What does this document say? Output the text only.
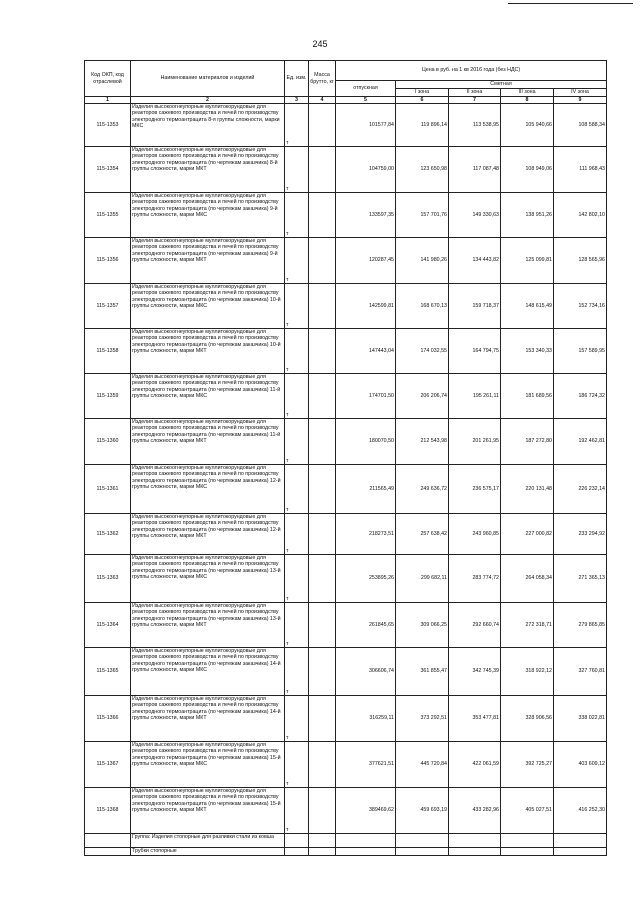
245
Код ОКП, код отраслевой	Наименование материалов и изделий	Ед. изм.	Масса брутто, кг	Цена в руб. на 1 кв 2016 года (без НДС)				
				отпускная	Сметная			
					I зона	II зона	III зона	IV зона
1	2	3	4	5	6	7	8	9
115-1353	Изделия высокоогнеупорные муллитокорундовые для реакторов сажевого производства и печей по производству электродного термоантрацита 8-я группы сложности, марки МКС	т		101577,84	119 896,14	113 538,95	105 940,66	108 588,34
115-1354	Изделия высокоогнеупорные муллитокорундовые для реакторов сажевого производства и печей по производству электродного термоантрацита (по чертежам заказчика) 8-й группы сложности, марки МКТ	т		104759,00	123 650,98	117 087,48	108 949,06	111 968,43
115-1355	Изделия высокоогнеупорные муллитокорундовые для реакторов сажевого производства и печей по производству электродного термоантрацита (по чертежам заказчика) 9-й группы сложности, марки МКС	т		133597,35	157 701,76	149 330,63	138 951,26	142 802,10
115-1356	Изделия высокоогнеупорные муллитокорундовые для реакторов сажевого производства и печей по производству электродного термоантрацита (по чертежам заказчика) 9-й группы сложности, марки МКТ	т		120287,45	141 980,26	134 443,82	125 099,81	128 565,96
115-1357	Изделия высокоогнеупорные муллитокорундовые для реакторов сажевого производства и печей по производству электродного термоантрацита (по чертежам заказчика) 10-й группы сложности, марки МКС	т		142599,81	168 670,13	159 718,37	148 615,49	152 734,16
115-1358	Изделия высокоогнеупорные муллитокорундовые для реакторов сажевого производства и печей по производству электродного термоантрацита (по чертежам заказчика) 10-й группы сложности, марки МКТ	т		147443,04	174 032,55	164 794,75	153 340,33	157 589,95
115-1359	Изделия высокоогнеупорные муллитокорундовые для реакторов сажевого производства и печей по производству электродного термоантрацита (по чертежам заказчика) 11-й группы сложности, марки МКС	т		174701,50	206 206,74	195 261,11	181 689,56	186 724,32
115-1360	Изделия высокоогнеупорные муллитокорундовые для реакторов сажевого производства и печей по производству электродного термоантрацита (по чертежам заказчика) 11-й группы сложности, марки МКТ	т		180070,50	212 543,98	201 261,95	187 272,80	192 462,81
115-1361	Изделия высокоогнеупорные муллитокорундовые для реакторов сажевого производства и печей по производству электродного термоантрацита (по чертежам заказчика) 12-й группы сложности, марки МКС	т		211565,49	249 636,72	236 575,17	220 131,48	226 232,14
115-1362	Изделия высокоогнеупорные муллитокорундовые для реакторов сажевого производства и печей по производству электродного термоантрацита (по чертежам заказчика) 12-й группы сложности, марки МКТ	т		218273,51	257 638,42	243 960,85	227 000,82	233 294,92
115-1363	Изделия высокоогнеупорные муллитокорундовые для реакторов сажевого производства и печей по производству электродного термоантрацита (по чертежам заказчика) 13-й группы сложности, марки МКС	т		253895,26	299 682,11	283 774,72	264 058,34	271 365,13
115-1364	Изделия высокоогнеупорные муллитокорундовые для реакторов сажевого производства и печей по производству электродного термоантрацита (по чертежам заказчика) 13-й группы сложности, марки МКТ	т		261845,65	309 066,25	292 660,74	272 318,71	279 865,85
115-1365	Изделия высокоогнеупорные муллитокорундовые для реакторов сажевого производства и печей по производству электродного термоантрацита (по чертежам заказчика) 14-й группы сложности, марки МКС	т		306606,74	361 855,47	342 745,39	318 922,12	327 760,81
115-1366	Изделия высокоогнеупорные муллитокорундовые для реакторов сажевого производства и печей по производству электродного термоантрацита (по чертежам заказчика) 14-й группы сложности, марки МКТ	т		316259,11	373 292,51	353 477,81	328 906,56	338 022,81
115-1367	Изделия высокоогнеупорные муллитокорундовые для реакторов сажевого производства и печей по производству электродного термоантрацита (по чертежам заказчика) 15-й группы сложности, марки МКС	т		377621,51	445 720,84	422 061,59	392 725,27	403 609,12
115-1368	Изделия высокоогнеупорные муллитокорундовые для реакторов сажевого производства и печей по производству электродного термоантрацита (по чертежам заказчика) 15-й группы сложности, марки МКТ	т		389469,62	459 693,19	433 282,96	405 027,51	416 252,30
	Группа: Изделия стопорные для разливки стали из ковша							
	Трубки стопорные							
